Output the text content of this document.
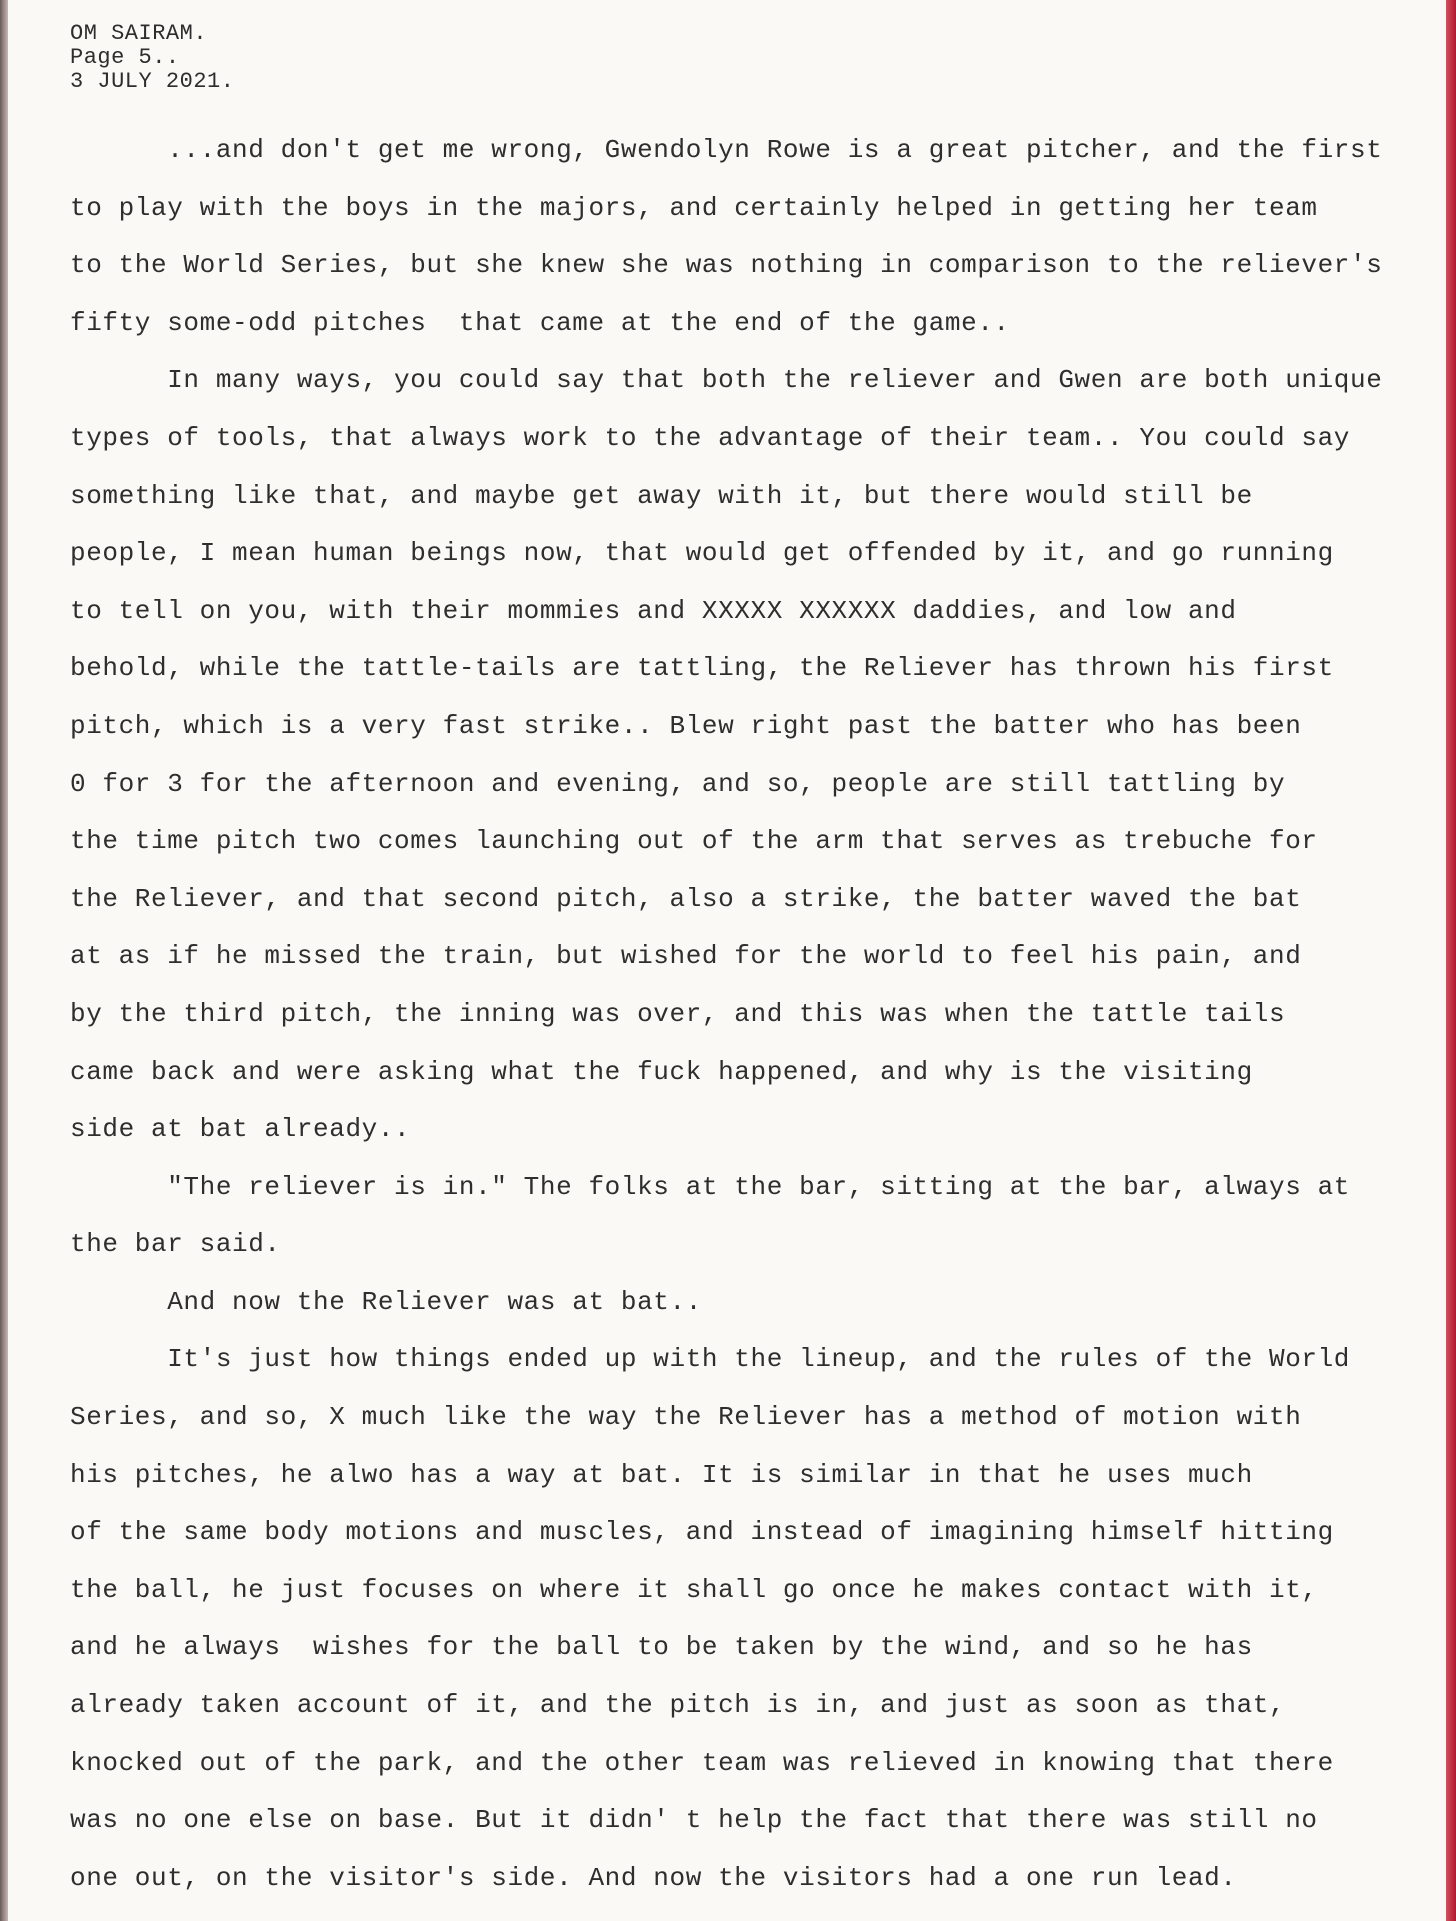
OM SAIRAM.
Page 5..
3 JULY 2021.
...and don't get me wrong, Gwendolyn Rowe is a great pitcher, and the first
to play with the boys in the majors, and certainly helped in getting her team
to the World Series, but she knew she was nothing in comparison to the reliever's
fifty some-odd pitches  that came at the end of the game..
In many ways, you could say that both the reliever and Gwen are both unique
types of tools, that always work to the advantage of their team.. You could say
something like that, and maybe get away with it, but there would still be
people, I mean human beings now, that would get offended by it, and go running
to tell on you, with their mommies and XXXXX XXXXXX daddies, and low and
behold, while the tattle-tails are tattling, the Reliever has thrown his first
pitch, which is a very fast strike.. Blew right past the batter who has been
0 for 3 for the afternoon and evening, and so, people are still tattling by
the time pitch two comes launching out of the arm that serves as trebuche for
the Reliever, and that second pitch, also a strike, the batter waved the bat
at as if he missed the train, but wished for the world to feel his pain, and
by the third pitch, the inning was over, and this was when the tattle tails
came back and were asking what the fuck happened, and why is the visiting
side at bat already..
"The reliever is in." The folks at the bar, sitting at the bar, always at
the bar said.
And now the Reliever was at bat..
It's just how things ended up with the lineup, and the rules of the World
Series, and so, X much like the way the Reliever has a method of motion with
his pitches, he alwo has a way at bat. It is similar in that he uses much
of the same body motions and muscles, and instead of imagining himself hitting
the ball, he just focuses on where it shall go once he makes contact with it,
and he always  wishes for the ball to be taken by the wind, and so he has
already taken account of it, and the pitch is in, and just as soon as that,
knocked out of the park, and the other team was relieved in knowing that there
was no one else on base. But it didn' t help the fact that there was still no
one out, on the visitor's side. And now the visitors had a one run lead.
